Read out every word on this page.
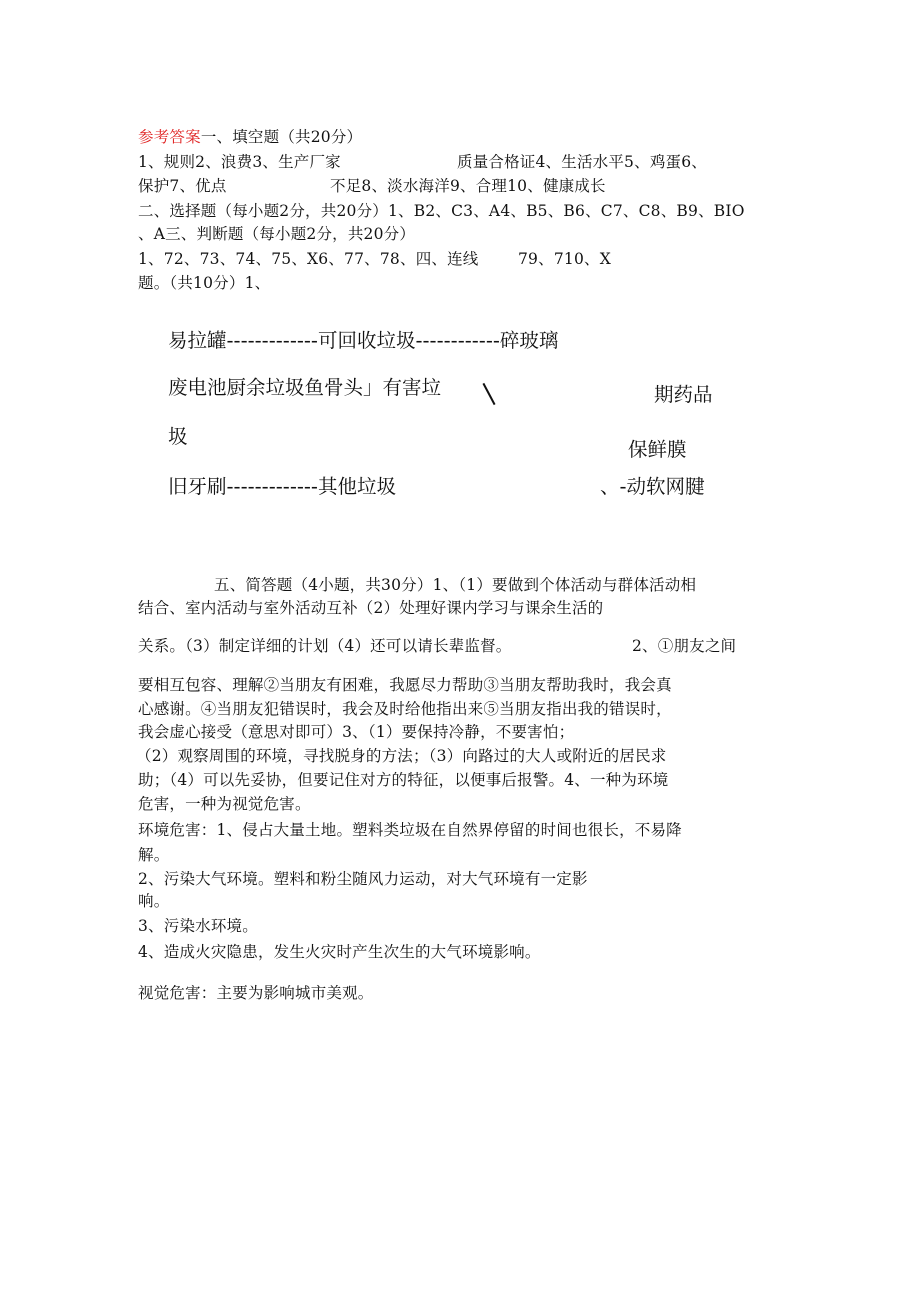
参考答案一、填空题（共20分）
1、规则2、浪费3、生产厂家	质量合格证4、生活水平5、鸡蛋6、
保护7、优点	不足8、淡水海洋9、合理10、健康成长
二、选择题（每小题2分，共20分）1、B2、C3、A4、B5、B6、C7、C8、B9、BIO
、A三、判断题（每小题2分，共20分）
1、72、73、74、75、X6、77、78、四、连线	79、710、X
题。（共10分）1、
易拉罐-------------可回收垃圾------------碎玻璃
废电池厨余垃圾鱼骨头」有害垃	期药品
圾
保鲜膜
旧牙刷-------------其他垃圾	、-动软网腱
五、简答题（4小题，共30分）1、（1）要做到个体活动与群体活动相
结合、室内活动与室外活动互补（2）处理好课内学习与课余生活的
关系。（3）制定详细的计划（4）还可以请长辈监督。	2、①朋友之间
要相互包容、理解②当朋友有困难，我愿尽力帮助③当朋友帮助我时，我会真
心感谢。④当朋友犯错误时，我会及时给他指出来⑤当朋友指出我的错误时，
我会虚心接受（意思对即可）3、（1）要保持冷静，不要害怕；
（2）观察周围的环境，寻找脱身的方法；（3）向路过的大人或附近的居民求
助；（4）可以先妥协，但要记住对方的特征，以便事后报警。4、一种为环境
危害，一种为视觉危害。
环境危害：1、侵占大量土地。塑料类垃圾在自然界停留的时间也很长，不易降
解。
2、污染大气环境。塑料和粉尘随风力运动，对大气环境有一定影
响。
3、污染水环境。
4、造成火灾隐患，发生火灾时产生次生的大气环境影响。
视觉危害：主要为影响城市美观。
